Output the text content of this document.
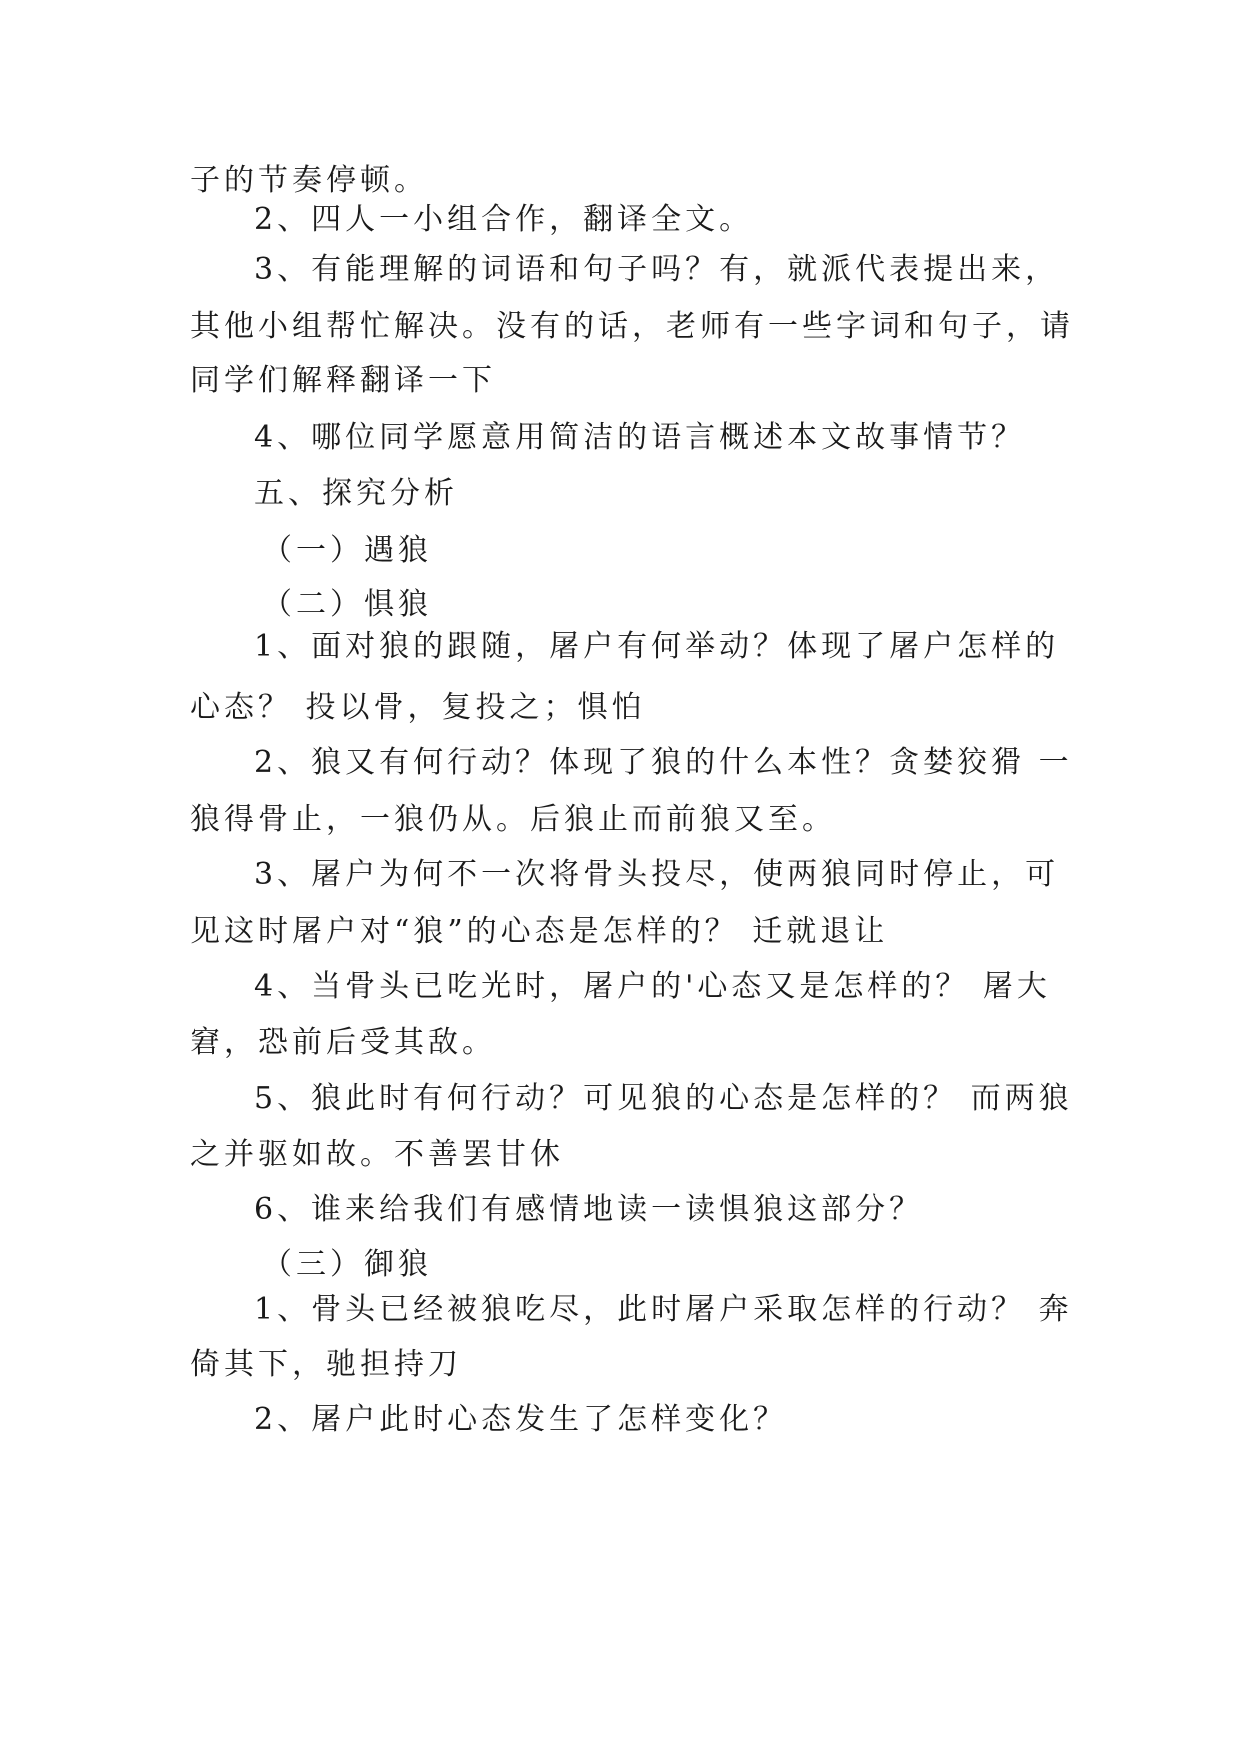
子的节奏停顿。
2、四人一小组合作，翻译全文。
3、有能理解的词语和句子吗？有，就派代表提出来，
其他小组帮忙解决。没有的话，老师有一些字词和句子，请
同学们解释翻译一下
4、哪位同学愿意用简洁的语言概述本文故事情节？
五、探究分析
（一）遇狼
（二）惧狼
1、面对狼的跟随，屠户有何举动？体现了屠户怎样的
心态？ 投以骨，复投之；惧怕
2、狼又有何行动？体现了狼的什么本性？贪婪狡猾 一
狼得骨止，一狼仍从。后狼止而前狼又至。
3、屠户为何不一次将骨头投尽，使两狼同时停止，可
见这时屠户对“狼”的心态是怎样的？ 迁就退让
4、当骨头已吃光时，屠户的'心态又是怎样的？ 屠大
窘，恐前后受其敌。
5、狼此时有何行动？可见狼的心态是怎样的？ 而两狼
之并驱如故。不善罢甘休
6、谁来给我们有感情地读一读惧狼这部分？
（三）御狼
1、骨头已经被狼吃尽，此时屠户采取怎样的行动？ 奔
倚其下，驰担持刀
2、屠户此时心态发生了怎样变化？
